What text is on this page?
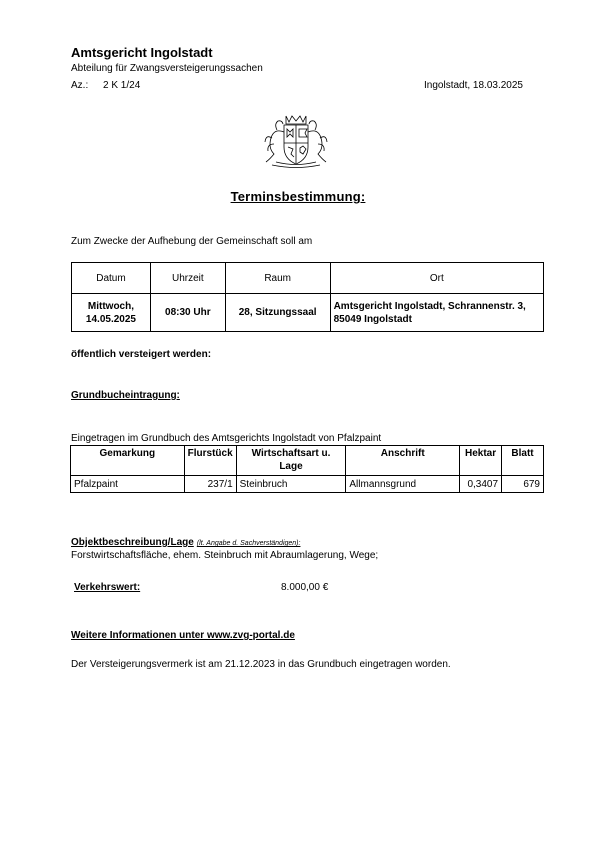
Amtsgericht Ingolstadt
Abteilung für Zwangsversteigerungssachen
Az.: 2 K 1/24	Ingolstadt, 18.03.2025
Terminsbestimmung:
Zum Zwecke der Aufhebung der Gemeinschaft soll am
Datum	Uhrzeit	Raum	Ort
Mittwoch, 14.05.2025	08:30 Uhr	28, Sitzungssaal	Amtsgericht Ingolstadt, Schrannenstr. 3, 85049 Ingolstadt
öffentlich versteigert werden:
Grundbucheintragung:
Eingetragen im Grundbuch des Amtsgerichts Ingolstadt von Pfalzpaint
Gemarkung	Flurstück	Wirtschaftsart u. Lage	Anschrift	Hektar	Blatt
Pfalzpaint	237/1	Steinbruch	Allmannsgrund	0,3407	679
Objektbeschreibung/Lage (lt. Angabe d. Sachverständigen):
Forstwirtschaftsfläche, ehem. Steinbruch mit Abraumlagerung, Wege;
Verkehrswert:	8.000,00 €
Weitere Informationen unter www.zvg-portal.de
Der Versteigerungsvermerk ist am 21.12.2023 in das Grundbuch eingetragen worden.
